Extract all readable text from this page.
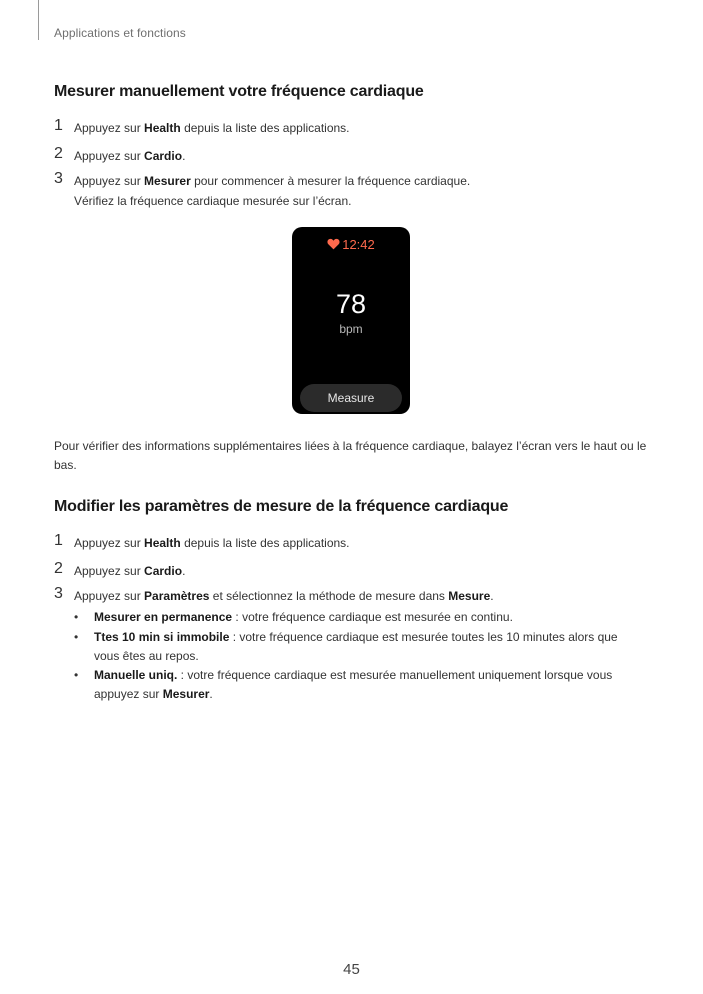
Applications et fonctions
Mesurer manuellement votre fréquence cardiaque
1 Appuyez sur Health depuis la liste des applications.
2 Appuyez sur Cardio.
3 Appuyez sur Mesurer pour commencer à mesurer la fréquence cardiaque.
Vérifiez la fréquence cardiaque mesurée sur l’écran.
12:42
78
bpm
Measure
Pour vérifier des informations supplémentaires liées à la fréquence cardiaque, balayez l’écran vers le haut ou le bas.
Modifier les paramètres de mesure de la fréquence cardiaque
1 Appuyez sur Health depuis la liste des applications.
2 Appuyez sur Cardio.
3 Appuyez sur Paramètres et sélectionnez la méthode de mesure dans Mesure.
• Mesurer en permanence : votre fréquence cardiaque est mesurée en continu.
• Ttes 10 min si immobile : votre fréquence cardiaque est mesurée toutes les 10 minutes alors que vous êtes au repos.
• Manuelle uniq. : votre fréquence cardiaque est mesurée manuellement uniquement lorsque vous appuyez sur Mesurer.
45
